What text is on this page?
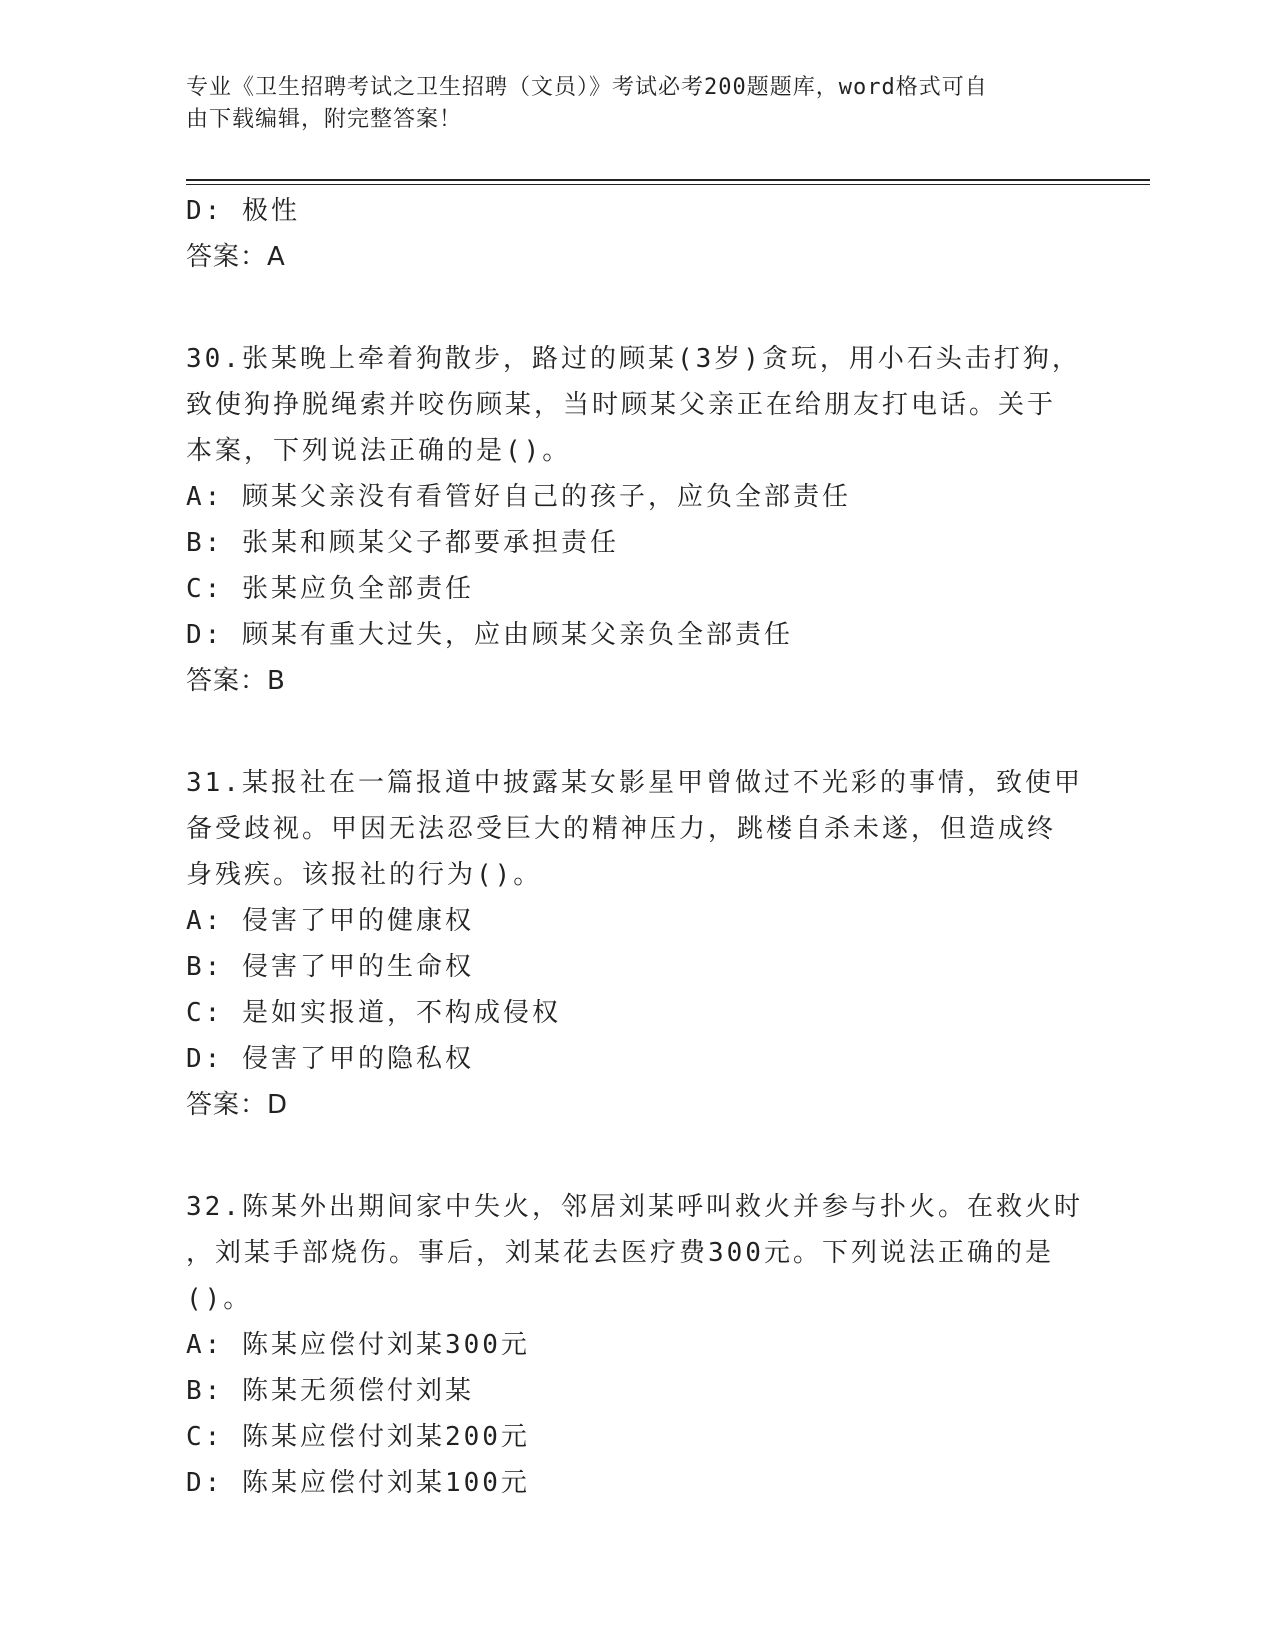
专业《卫生招聘考试之卫生招聘（文员）》考试必考200题题库，word格式可自
由下载编辑，附完整答案！
D: 极性
答案：A
30.张某晚上牵着狗散步，路过的顾某(3岁)贪玩，用小石头击打狗，
致使狗挣脱绳索并咬伤顾某，当时顾某父亲正在给朋友打电话。关于
本案，下列说法正确的是()。
A: 顾某父亲没有看管好自己的孩子，应负全部责任
B: 张某和顾某父子都要承担责任
C: 张某应负全部责任
D: 顾某有重大过失，应由顾某父亲负全部责任
答案：B
31.某报社在一篇报道中披露某女影星甲曾做过不光彩的事情，致使甲
备受歧视。甲因无法忍受巨大的精神压力，跳楼自杀未遂，但造成终
身残疾。该报社的行为()。
A: 侵害了甲的健康权
B: 侵害了甲的生命权
C: 是如实报道，不构成侵权
D: 侵害了甲的隐私权
答案：D
32.陈某外出期间家中失火，邻居刘某呼叫救火并参与扑火。在救火时
，刘某手部烧伤。事后，刘某花去医疗费300元。下列说法正确的是
()。
A: 陈某应偿付刘某300元
B: 陈某无须偿付刘某
C: 陈某应偿付刘某200元
D: 陈某应偿付刘某100元
